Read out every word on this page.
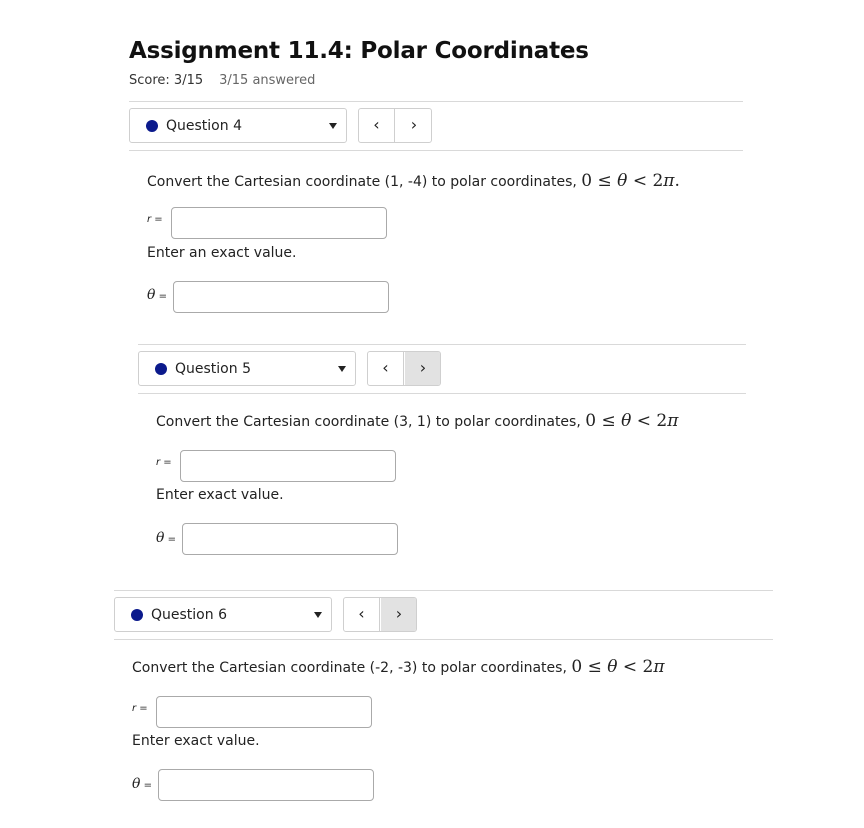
Assignment 11.4: Polar Coordinates
Score: 3/15 3/15 answered
Question 4	‹	›
Convert the Cartesian coordinate (1, -4) to polar coordinates, 0 ≤ θ < 2π.
r =
Enter an exact value.
θ =
Question 5	‹	›
Convert the Cartesian coordinate (3, 1) to polar coordinates, 0 ≤ θ < 2π
r =
Enter exact value.
θ =
Question 6	‹	›
Convert the Cartesian coordinate (-2, -3) to polar coordinates, 0 ≤ θ < 2π
r =
Enter exact value.
θ =
